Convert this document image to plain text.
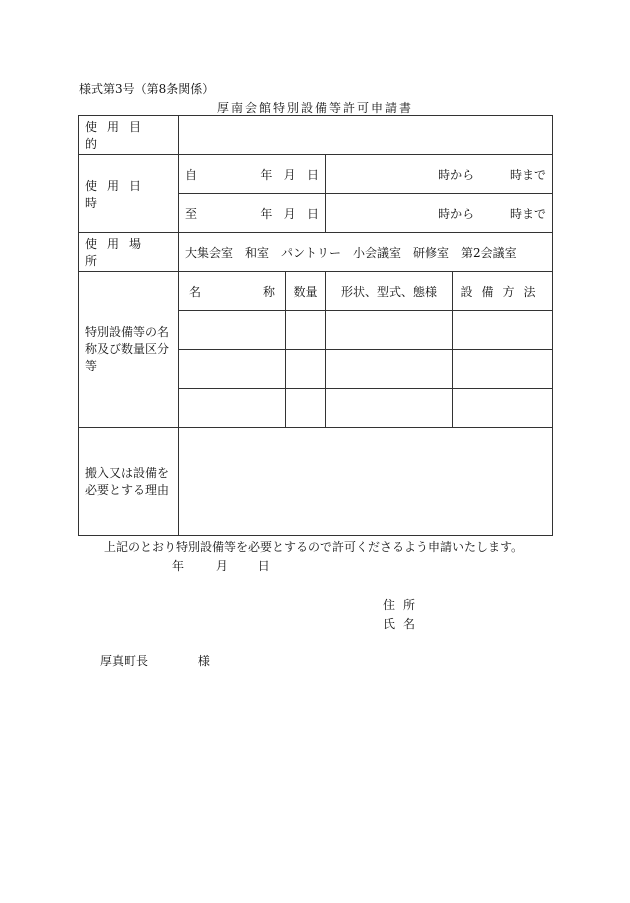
様式第3号（第8条関係）
厚南会館特別設備等許可申請書
使用目的				
使用日時	自 年 月 日		時から 時まで	

	至 年 月 日		時から 時まで	
使用場所	大集会室　和室　パントリー　小会議室　研修室　第2会議室			
特別設備等の名称及び数量区分等	名 称	数量	形状、型式、態様	設備方法

搬入又は設備を必要とする理由				
上記のとおり特別設備等を必要とするので許可くださるよう申請いたします。
年	月 日
住所
氏名
厚真町長	様
